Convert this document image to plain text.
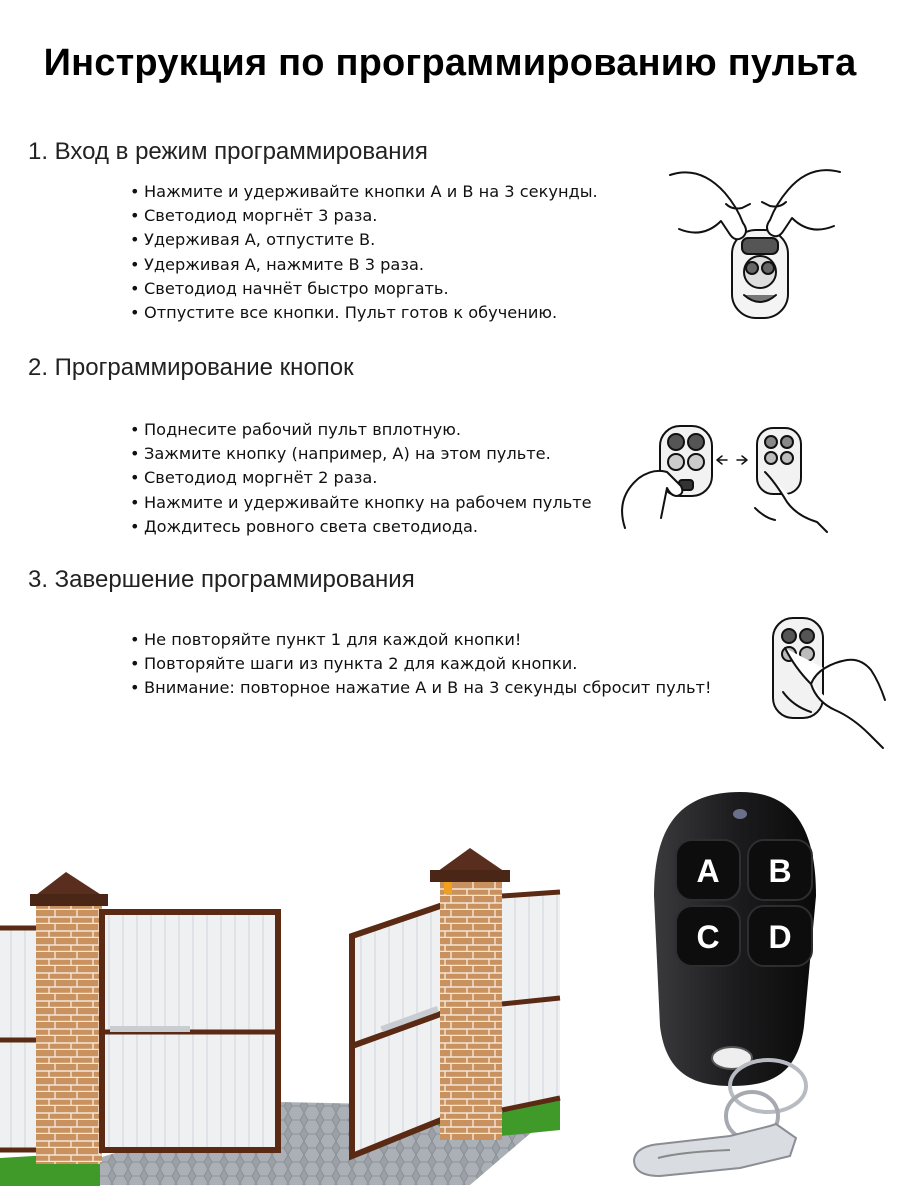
Инструкция по программированию пульта
1. Вход в режим программирования
• Нажмите и удерживайте кнопки A и B на 3 секунды.
• Светодиод моргнёт 3 раза.
• Удерживая A, отпустите B.
• Удерживая A, нажмите B 3 раза.
• Светодиод начнёт быстро моргать.
• Отпустите все кнопки. Пульт готов к обучению.
2. Программирование кнопок
• Поднесите рабочий пульт вплотную.
• Зажмите кнопку (например, A) на этом пульте.
• Светодиод моргнёт 2 раза.
• Нажмите и удерживайте кнопку на рабочем пульте
• Дождитесь ровного света светодиода.
3. Завершение программирования
• Не повторяйте пункт 1 для каждой кнопки!
• Повторяйте шаги из пункта 2 для каждой кнопки.
• Внимание: повторное нажатие A и B на 3 секунды сбросит пульт!
A B
C D
